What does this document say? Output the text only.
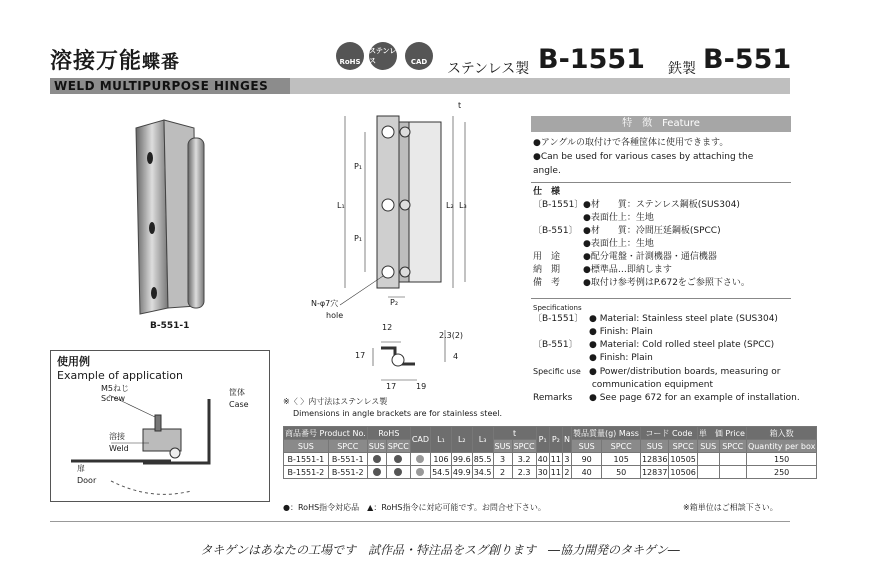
溶接万能蝶番	RoHS
ステンレス	CAD ステンレス製 B-1551 鉄製 B-551
WELD MULTIPURPOSE HINGES
B-551-1
P₁
P₁
L₁	L₂ L₃
P₂
t
12
17
17 19
2.3(2)
4
N-φ7穴
hole
※〈 〉内寸法はステンレス製
Dimensions in angle brackets are for stainless steel.
使用例
Example of application
M5ねじ
Screw
筐体
Case
溶接
Weld
扉
Door
特　徴　Feature
●アングルの取付けで各種筐体に使用できます。
●Can be used for various cases by attaching the
angle.
仕　様
〔B-1551〕●材　　質：ステンレス鋼板(SUS304)
●表面仕上：生地
〔B-551〕 ●材　　質：冷間圧延鋼板(SPCC)
●表面仕上：生地
用　途	●配分電盤・計測機器・通信機器
納　期	●標準品…即納します
備　考	●取付け参考例はP.672をご参照下さい。
Specifications
〔B-1551〕 ● Material: Stainless steel plate (SUS304)
● Finish: Plain
〔B-551〕 ● Material: Cold rolled steel plate (SPCC)
● Finish: Plain
Specific use ● Power/distribution boards, measuring or
communication equipment
Remarks ● See page 672 for an example of installation.
商品番号 Product No.		RoHS		CAD	L₁	L₂	L₃	t		P₁	P₂	N	製品質量(g) Mass		コード Code		単　価 Price		箱入数
SUS	SPCC	SUS	SPCC					SUS	SPCC				SUS	SPCC	SUS	SPCC	SUS	SPCC	Quantity per box
B-1551-1	B-551-1				106	99.6	85.5	3	3.2	40	11	3	90	105	12836	10505			150
B-1551-2	B-551-2				54.5	49.9	34.5	2	2.3	30	11	2	40	50	12837	10506			250
●：RoHS指令対応品　▲：RoHS指令に対応可能です。お問合せ下さい。	※箱単位はご相談下さい。
タキゲンはあなたの工場です　試作品・特注品をスグ創ります　―協力開発のタキゲン―
